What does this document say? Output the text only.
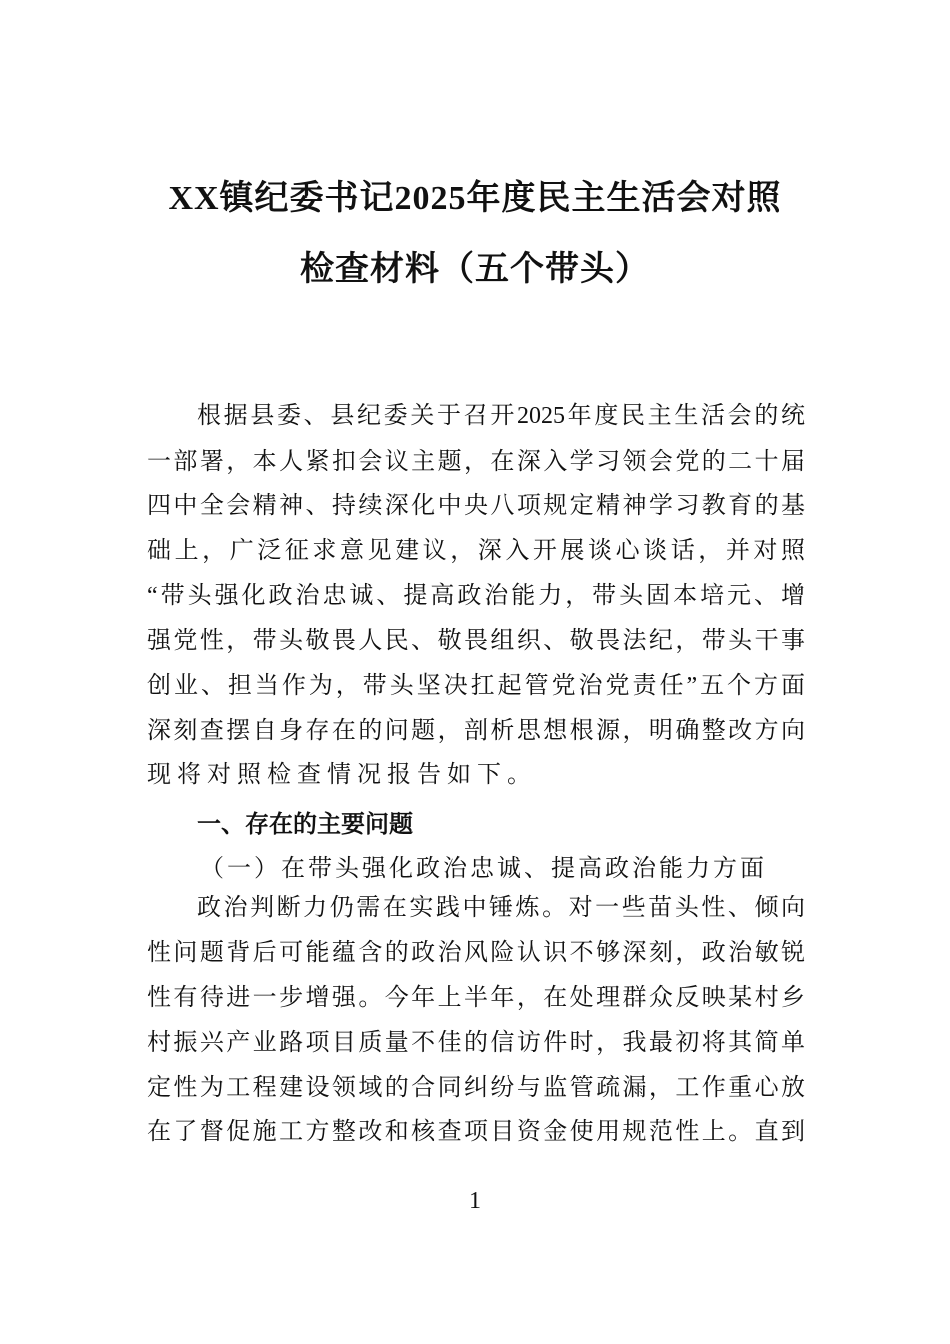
XX镇纪委书记2025年度民主生活会对照
检查材料（五个带头）
根据县委、县纪委关于召开2025年度民主生活会的统
一部署，本人紧扣会议主题，在深入学习领会党的二十届
四中全会精神、持续深化中央八项规定精神学习教育的基
础上，广泛征求意见建议，深入开展谈心谈话，并对照
“带头强化政治忠诚、提高政治能力，带头固本培元、增
强党性，带头敬畏人民、敬畏组织、敬畏法纪，带头干事
创业、担当作为，带头坚决扛起管党治党责任”五个方面
深刻查摆自身存在的问题，剖析思想根源，明确整改方向
现将对照检查情况报告如下。
一、存在的主要问题
（一）在带头强化政治忠诚、提高政治能力方面
政治判断力仍需在实践中锤炼。对一些苗头性、倾向
性问题背后可能蕴含的政治风险认识不够深刻，政治敏锐
性有待进一步增强。今年上半年，在处理群众反映某村乡
村振兴产业路项目质量不佳的信访件时，我最初将其简单
定性为工程建设领域的合同纠纷与监管疏漏，工作重心放
在了督促施工方整改和核查项目资金使用规范性上。直到
1
